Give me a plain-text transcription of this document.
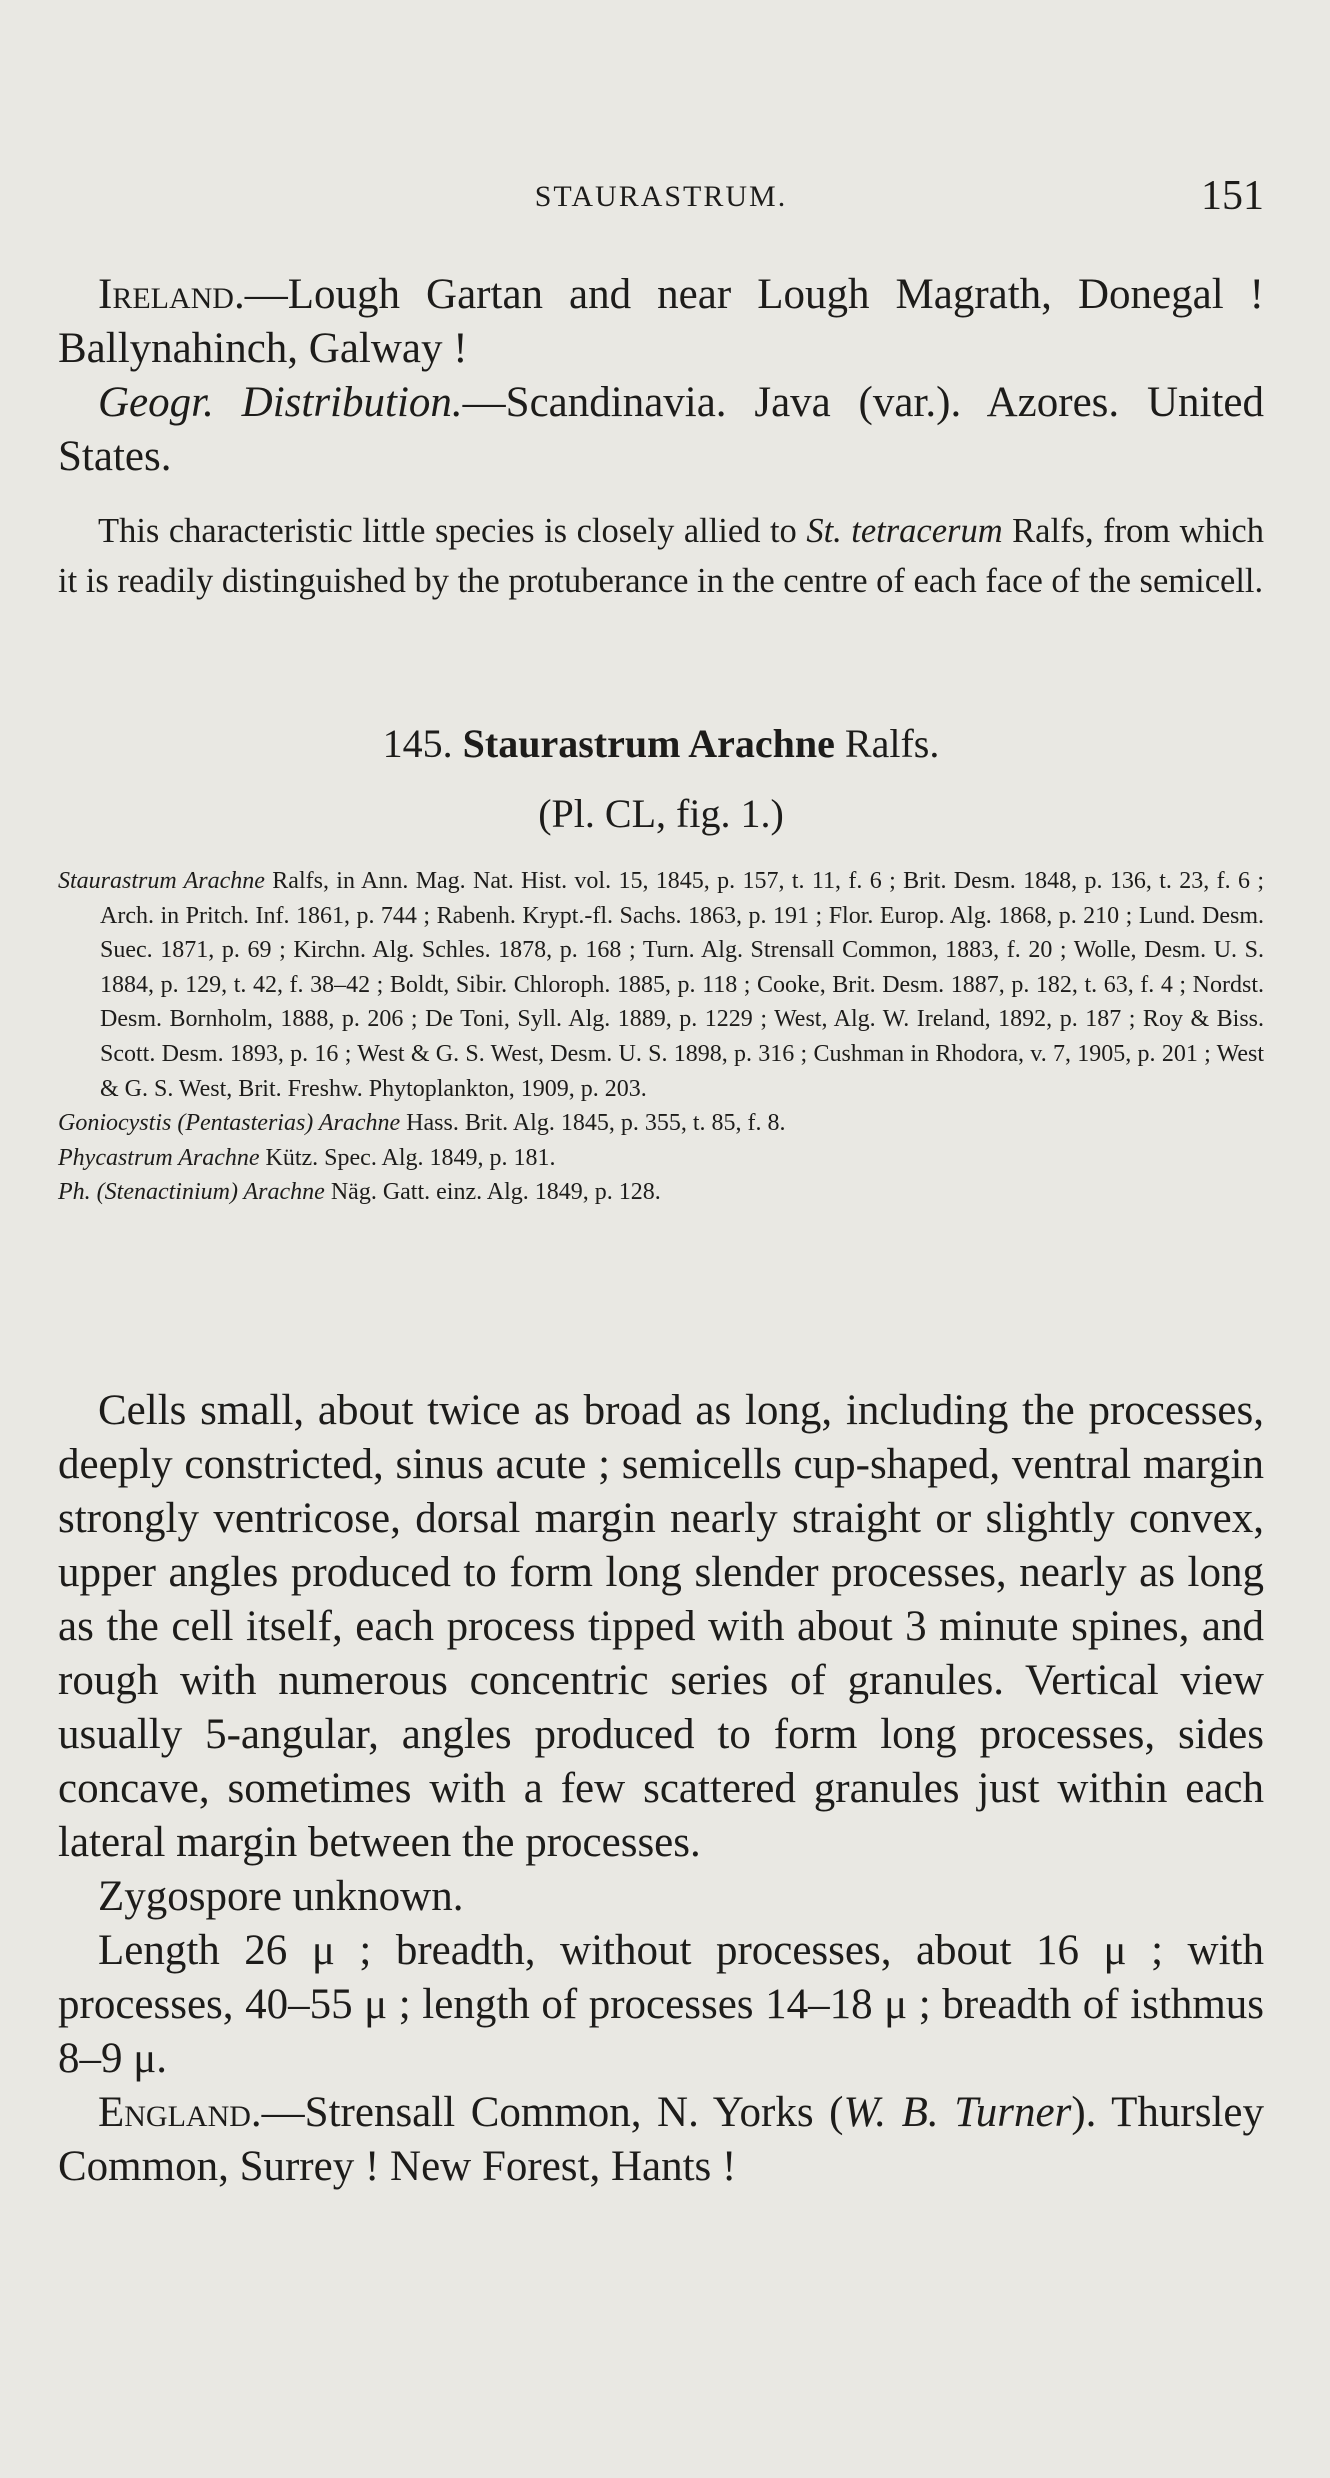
STAURASTRUM.	151

Ireland.—Lough Gartan and near Lough Magrath, Donegal ! Ballynahinch, Galway !

Geogr. Distribution.—Scandinavia. Java (var.). Azores. United States.

This characteristic little species is closely allied to St. tetracerum Ralfs, from which it is readily distinguished by the protuberance in the centre of each face of the semicell.

145. Staurastrum Arachne Ralfs.
(Pl. CL, fig. 1.)

Staurastrum Arachne Ralfs, in Ann. Mag. Nat. Hist. vol. 15, 1845, p. 157, t. 11, f. 6 ; Brit. Desm. 1848, p. 136, t. 23, f. 6 ; Arch. in Pritch. Inf. 1861, p. 744 ; Rabenh. Krypt.-fl. Sachs. 1863, p. 191 ; Flor. Europ. Alg. 1868, p. 210 ; Lund. Desm. Suec. 1871, p. 69 ; Kirchn. Alg. Schles. 1878, p. 168 ; Turn. Alg. Strensall Common, 1883, f. 20 ; Wolle, Desm. U. S. 1884, p. 129, t. 42, f. 38–42 ; Boldt, Sibir. Chloroph. 1885, p. 118 ; Cooke, Brit. Desm. 1887, p. 182, t. 63, f. 4 ; Nordst. Desm. Bornholm, 1888, p. 206 ; De Toni, Syll. Alg. 1889, p. 1229 ; West, Alg. W. Ireland, 1892, p. 187 ; Roy & Biss. Scott. Desm. 1893, p. 16 ; West & G. S. West, Desm. U. S. 1898, p. 316 ; Cushman in Rhodora, v. 7, 1905, p. 201 ; West & G. S. West, Brit. Freshw. Phytoplankton, 1909, p. 203.

Goniocystis (Pentasterias) Arachne Hass. Brit. Alg. 1845, p. 355, t. 85, f. 8.

Phycastrum Arachne Kütz. Spec. Alg. 1849, p. 181.

Ph. (Stenactinium) Arachne Näg. Gatt. einz. Alg. 1849, p. 128.

Cells small, about twice as broad as long, including the processes, deeply constricted, sinus acute ; semicells cup-shaped, ventral margin strongly ventricose, dorsal margin nearly straight or slightly convex, upper angles produced to form long slender processes, nearly as long as the cell itself, each process tipped with about 3 minute spines, and rough with numerous concentric series of granules. Vertical view usually 5-angular, angles produced to form long processes, sides concave, sometimes with a few scattered granules just within each lateral margin between the processes.

Zygospore unknown.

Length 26 μ ; breadth, without processes, about 16 μ ; with processes, 40–55 μ ; length of processes 14–18 μ ; breadth of isthmus 8–9 μ.

England.—Strensall Common, N. Yorks (W. B. Turner). Thursley Common, Surrey ! New Forest, Hants !
